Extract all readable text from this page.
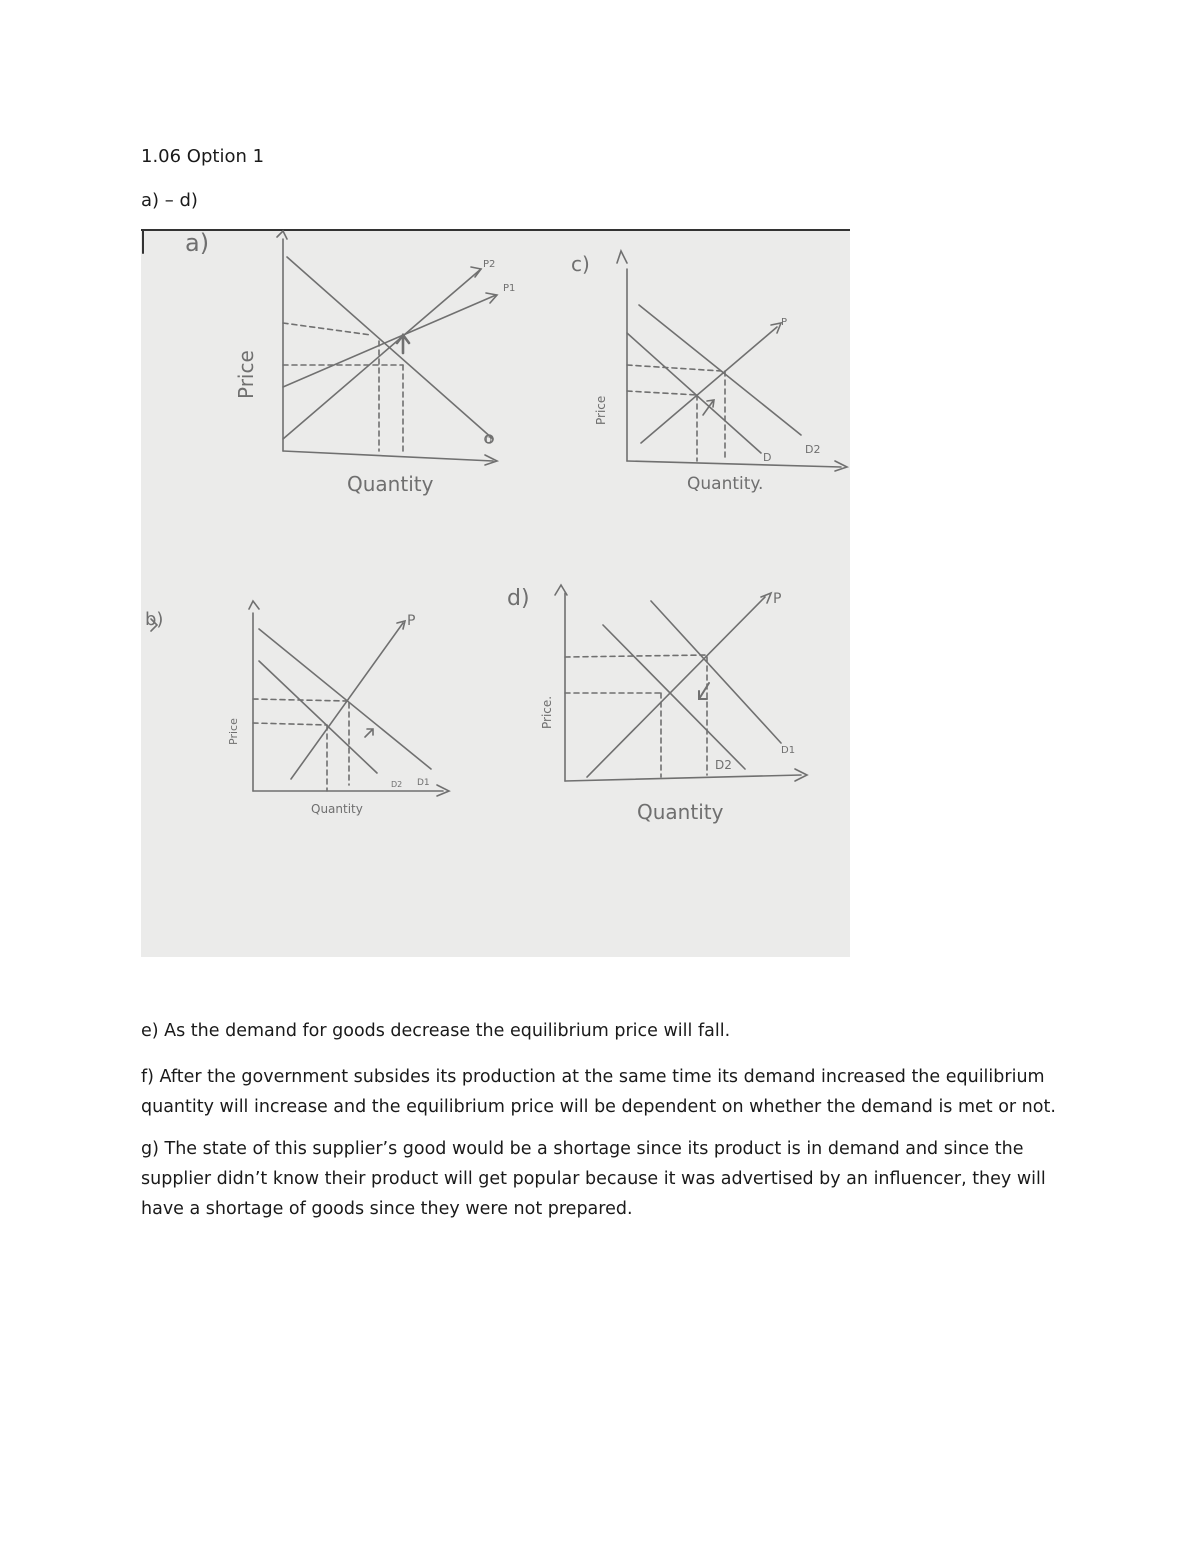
1.06 Option 1
a) – d)
a)
Price
Quantity
P2
P1
D
c)
Price
Quantity.
P
D
D2
Price
b)
Quantity
P
D2 D1
d)
Price.
Quantity
P
D2
D1
e) As the demand for goods decrease the equilibrium price will fall.
f) After the government subsides its production at the same time its demand increased the equilibrium quantity will increase and the equilibrium price will be dependent on whether the demand is met or not.
g) The state of this supplier’s good would be a shortage since its product is in demand and since the supplier didn’t know their product will get popular because it was advertised by an influencer, they will have a shortage of goods since they were not prepared.
